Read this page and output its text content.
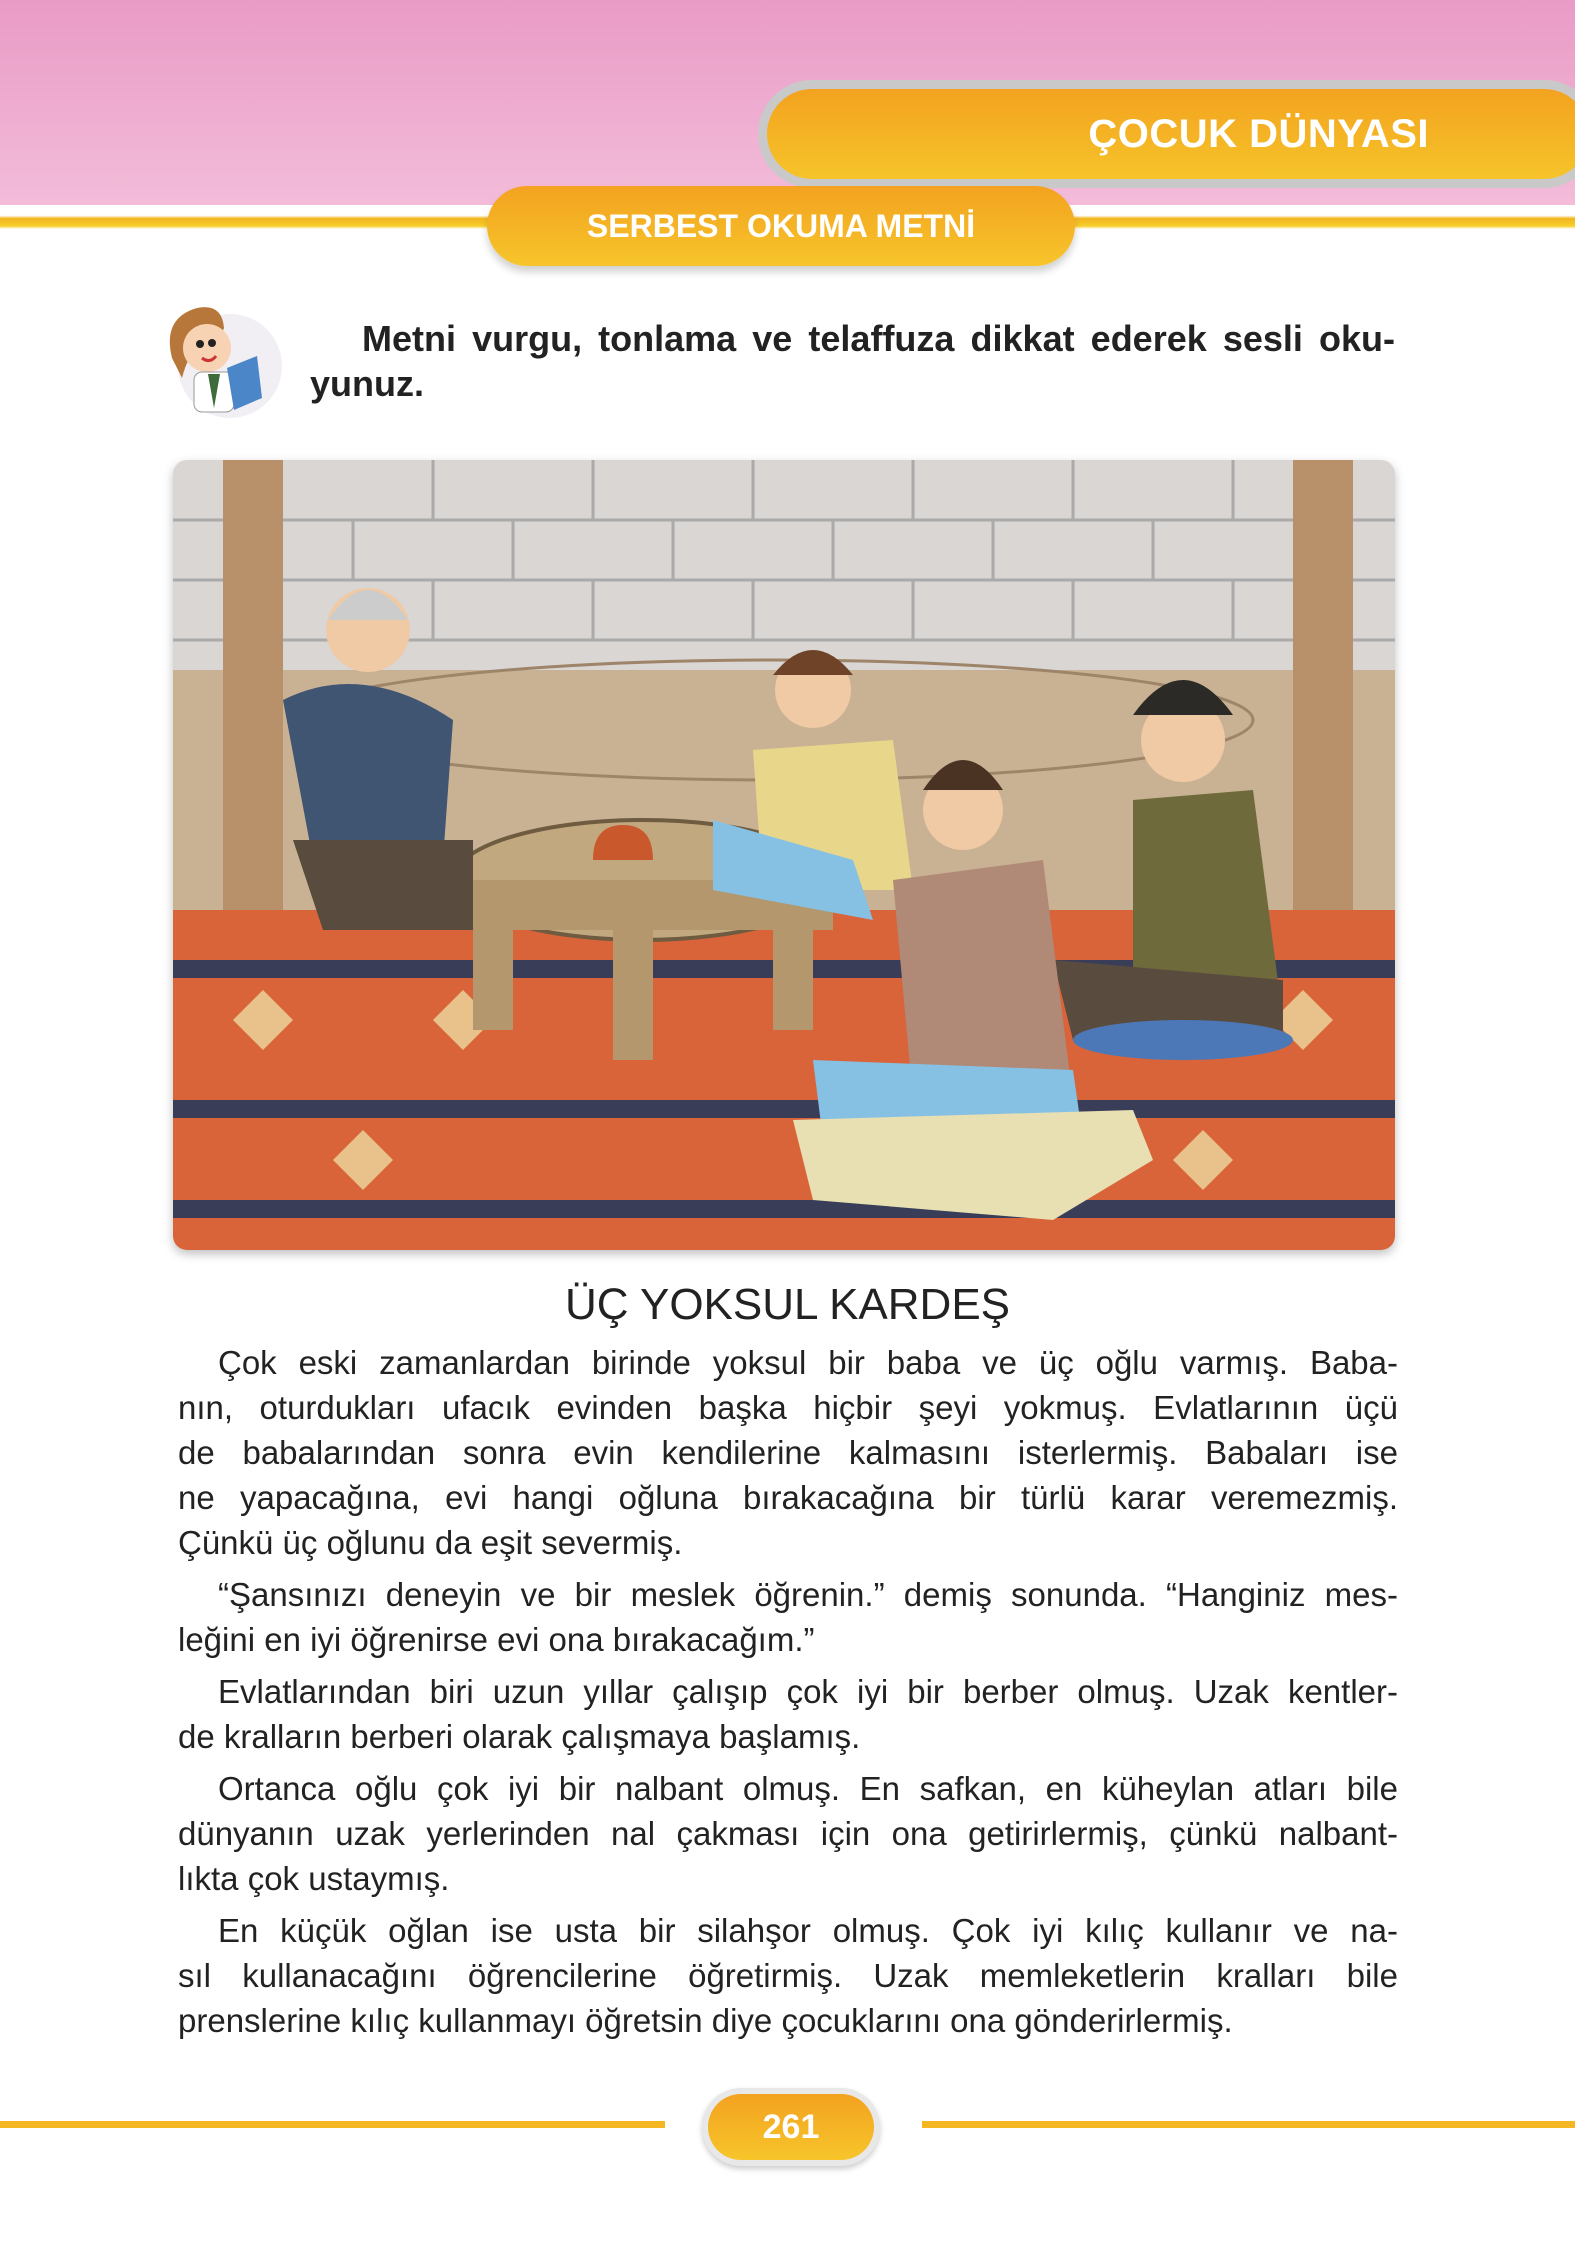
ÇOCUK DÜNYASI
SERBEST OKUMA METNİ
Metni vurgu, tonlama ve telaffuza dikkat ederek sesli oku-
yunuz.
ÜÇ YOKSUL KARDEŞ
Çok eski zamanlardan birinde yoksul bir baba ve üç oğlu varmış. Baba-
nın, oturdukları ufacık evinden başka hiçbir şeyi yokmuş. Evlatlarının üçü
de babalarından sonra evin kendilerine kalmasını isterlermiş. Babaları ise
ne yapacağına, evi hangi oğluna bırakacağına bir türlü karar veremezmiş.
Çünkü üç oğlunu da eşit severmiş.
“Şansınızı deneyin ve bir meslek öğrenin.” demiş sonunda. “Hanginiz mes-
leğini en iyi öğrenirse evi ona bırakacağım.”
Evlatlarından biri uzun yıllar çalışıp çok iyi bir berber olmuş. Uzak kentler-
de kralların berberi olarak çalışmaya başlamış.
Ortanca oğlu çok iyi bir nalbant olmuş. En safkan, en küheylan atları bile
dünyanın uzak yerlerinden nal çakması için ona getirirlermiş, çünkü nalbant-
lıkta çok ustaymış.
En küçük oğlan ise usta bir silahşor olmuş. Çok iyi kılıç kullanır ve na-
sıl kullanacağını öğrencilerine öğretirmiş. Uzak memleketlerin kralları bile
prenslerine kılıç kullanmayı öğretsin diye çocuklarını ona gönderirlermiş.
261
